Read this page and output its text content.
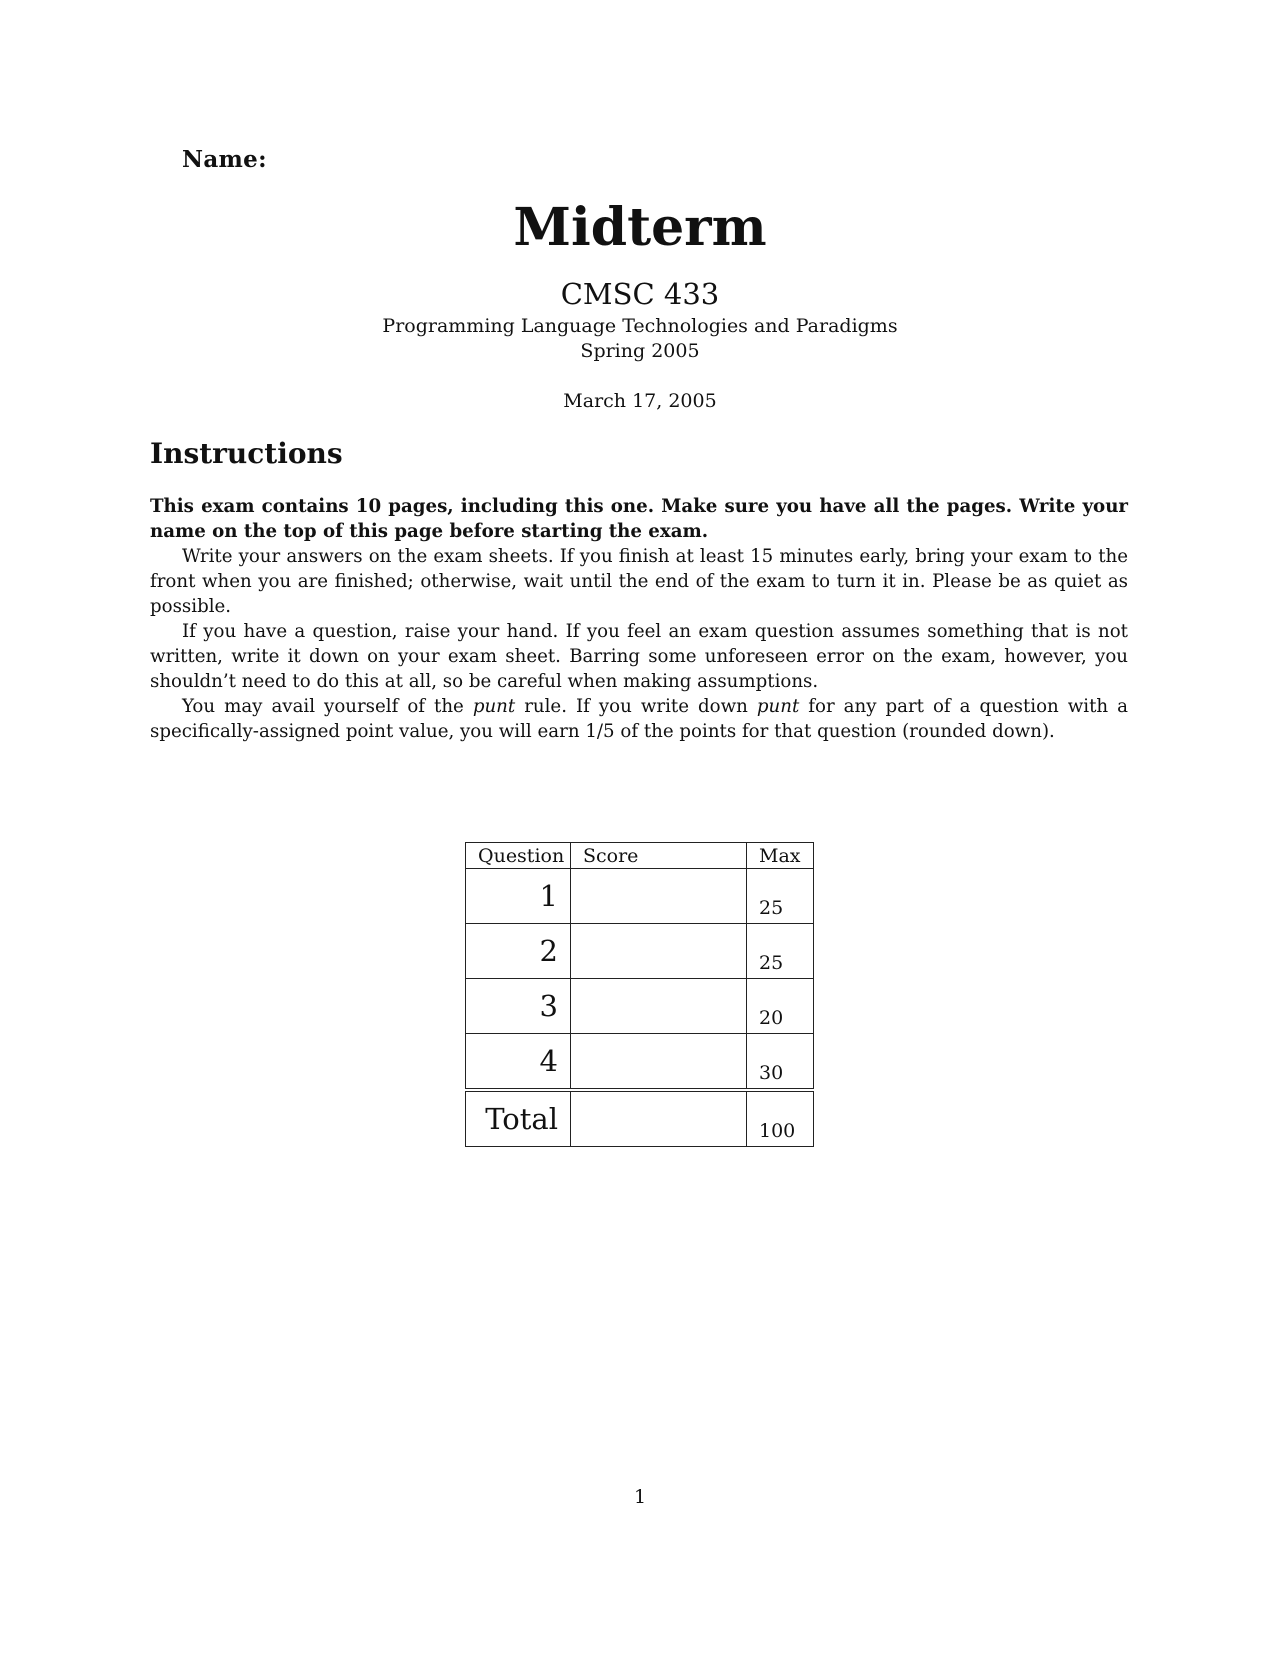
Name:
Midterm
CMSC 433
Programming Language Technologies and Paradigms
Spring 2005
March 17, 2005
Instructions

This exam contains 10 pages, including this one. Make sure you have all the pages. Write your name on the top of this page before starting the exam.

Write your answers on the exam sheets. If you finish at least 15 minutes early, bring your exam to the front when you are finished; otherwise, wait until the end of the exam to turn it in. Please be as quiet as possible.

If you have a question, raise your hand. If you feel an exam question assumes something that is not written, write it down on your exam sheet. Barring some unforeseen error on the exam, however, you shouldn’t need to do this at all, so be careful when making assumptions.

You may avail yourself of the punt rule. If you write down punt for any part of a question with a specifically-assigned point value, you will earn 1/5 of the points for that question (rounded down).

Question	Score	Max
1		25
2		25
3		20
4		30

Total		100
1
